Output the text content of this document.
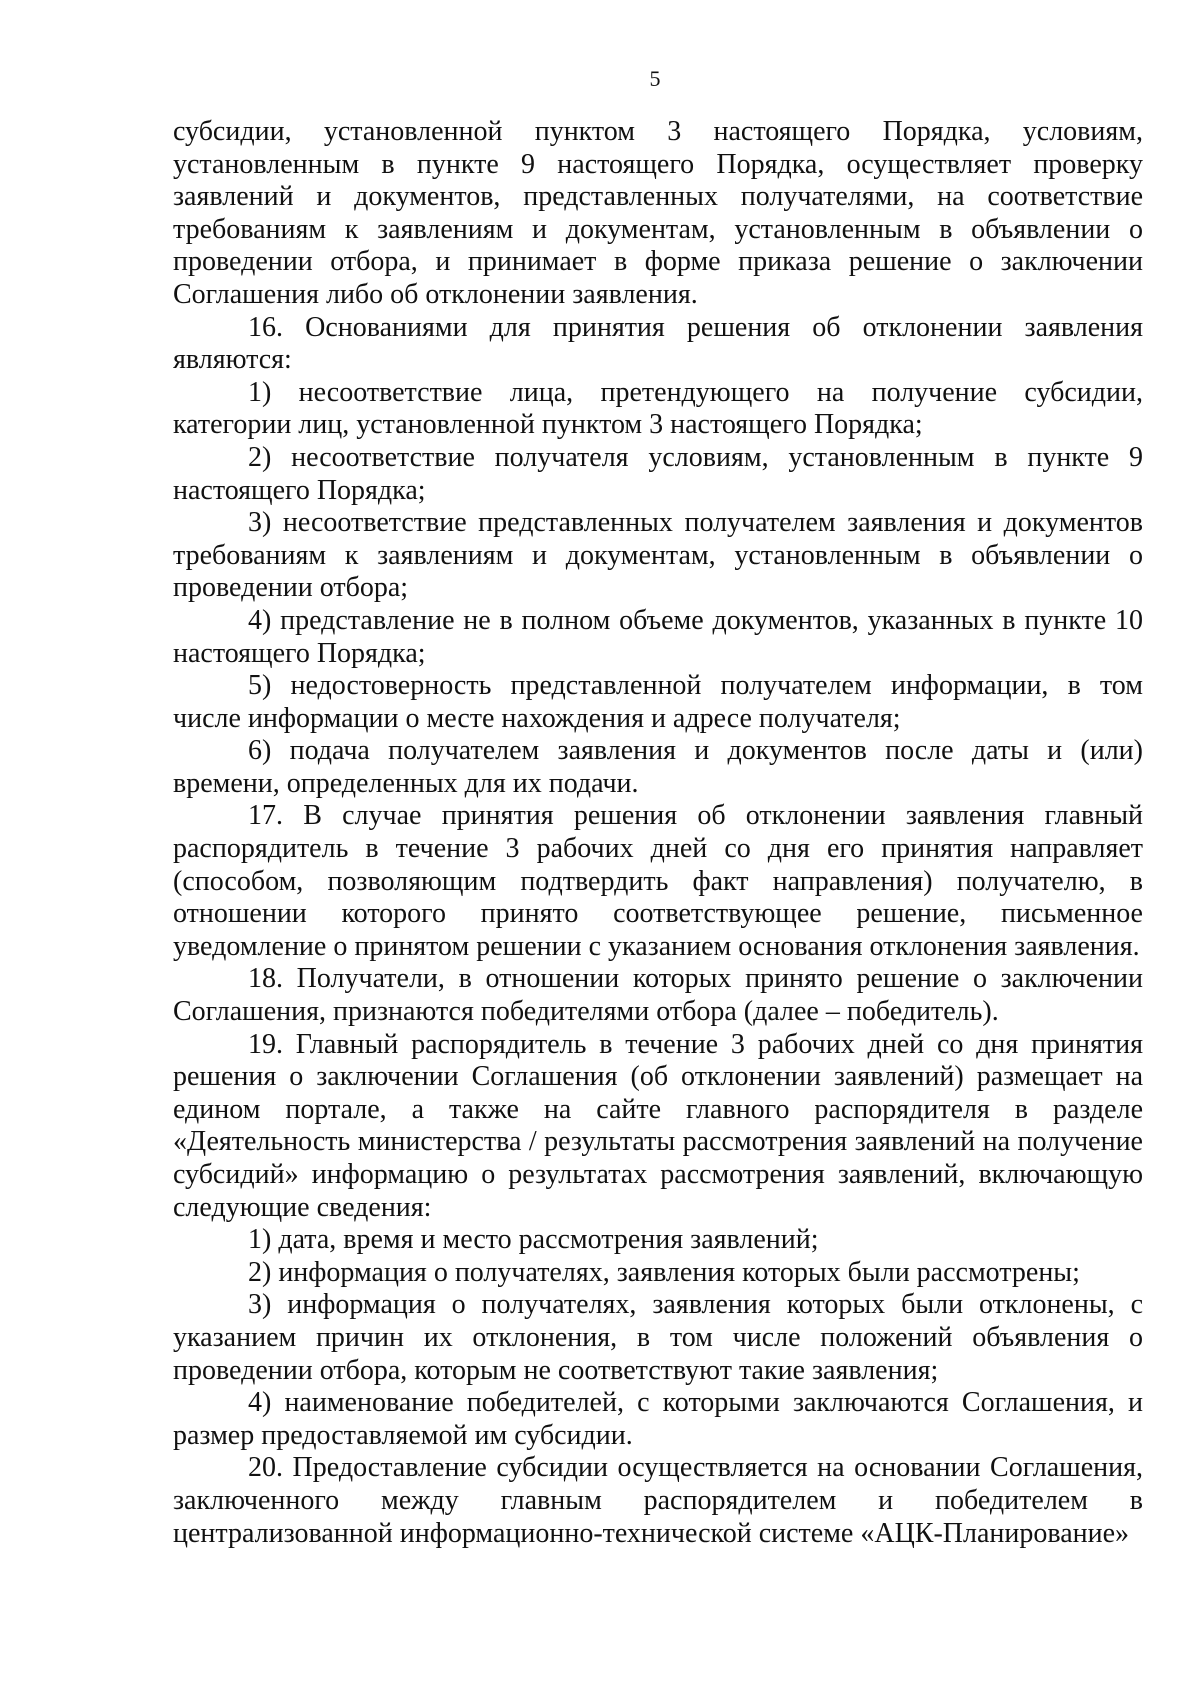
5

субсидии, установленной пунктом 3 настоящего Порядка, условиям, установленным в пункте 9 настоящего Порядка, осуществляет проверку заявлений и документов, представленных получателями, на соответствие требованиям к заявлениям и документам, установленным в объявлении о проведении отбора, и принимает в форме приказа решение о заключении Соглашения либо об отклонении заявления.

16. Основаниями для принятия решения об отклонении заявления являются:

1) несоответствие лица, претендующего на получение субсидии, категории лиц, установленной пунктом 3 настоящего Порядка;

2) несоответствие получателя условиям, установленным в пункте 9 настоящего Порядка;

3) несоответствие представленных получателем заявления и документов требованиям к заявлениям и документам, установленным в объявлении о проведении отбора;

4) представление не в полном объеме документов, указанных в пункте 10 настоящего Порядка;

5) недостоверность представленной получателем информации, в том числе информации о месте нахождения и адресе получателя;

6) подача получателем заявления и документов после даты и (или) времени, определенных для их подачи.

17. В случае принятия решения об отклонении заявления главный распорядитель в течение 3 рабочих дней со дня его принятия направляет (способом, позволяющим подтвердить факт направления) получателю, в отношении которого принято соответствующее решение, письменное уведомление о принятом решении с указанием основания отклонения заявления.

18. Получатели, в отношении которых принято решение о заключении Соглашения, признаются победителями отбора (далее – победитель).

19. Главный распорядитель в течение 3 рабочих дней со дня принятия решения о заключении Соглашения (об отклонении заявлений) размещает на едином портале, а также на сайте главного распорядителя в разделе «Деятельность министерства / результаты рассмотрения заявлений на получение субсидий» информацию о результатах рассмотрения заявлений, включающую следующие сведения:

1) дата, время и место рассмотрения заявлений;

2) информация о получателях, заявления которых были рассмотрены;

3) информация о получателях, заявления которых были отклонены, с указанием причин их отклонения, в том числе положений объявления о проведении отбора, которым не соответствуют такие заявления;

4) наименование победителей, с которыми заключаются Соглашения, и размер предоставляемой им субсидии.

20. Предоставление субсидии осуществляется на основании Соглашения, заключенного между главным распорядителем и победителем в централизованной информационно-технической системе «АЦК-Планирование»
